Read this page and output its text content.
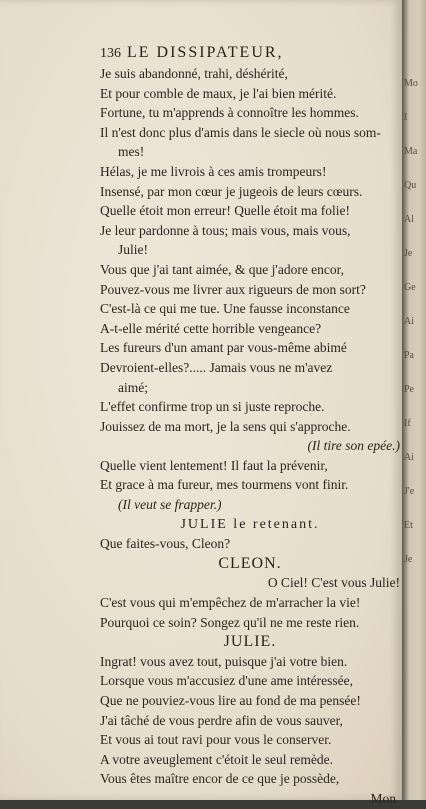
136 LE DISSIPATEUR,
Je suis abandonné, trahi, déshérité,
Et pour comble de maux, je l'ai bien mérité.
Fortune, tu m'apprends à connoître les hommes.
Il n'est donc plus d'amis dans le siecle où nous som-
mes!
Hélas, je me livrois à ces amis trompeurs!
Insensé, par mon cœur je jugeois de leurs cœurs.
Quelle étoit mon erreur! Quelle étoit ma folie!
Je leur pardonne à tous; mais vous, mais vous,
Julie!
Vous que j'ai tant aimée, & que j'adore encor,
Pouvez-vous me livrer aux rigueurs de mon sort?
C'est-là ce qui me tue. Une fausse inconstance
A-t-elle mérité cette horrible vengeance?
Les fureurs d'un amant par vous-même abimé
Devroient-elles?..... Jamais vous ne m'avez
aimé;
L'effet confirme trop un si juste reproche.
Jouissez de ma mort, je la sens qui s'approche.
(Il tire son epée.)
Quelle vient lentement! Il faut la prévenir,
Et grace à ma fureur, mes tourmens vont finir.
(Il veut se frapper.)
JULIE le retenant.
Que faites-vous, Cleon?
CLEON.
O Ciel! C'est vous Julie!
C'est vous qui m'empêchez de m'arracher la vie!
Pourquoi ce soin? Songez qu'il ne me reste rien.
JULIE.
Ingrat! vous avez tout, puisque j'ai votre bien.
Lorsque vous m'accusiez d'une ame intéressée,
Que ne pouviez-vous lire au fond de ma pensée!
J'ai tâché de vous perdre afin de vous sauver,
Et vous ai tout ravi pour vous le conserver.
A votre aveuglement c'étoit le seul remède.
Vous êtes maître encor de ce que je possède,
Mon
Mo
I
Ma
Qu
Al
Je
Ge
Ai
Pa
Pe
If
Ai
J'e
Et
Je
